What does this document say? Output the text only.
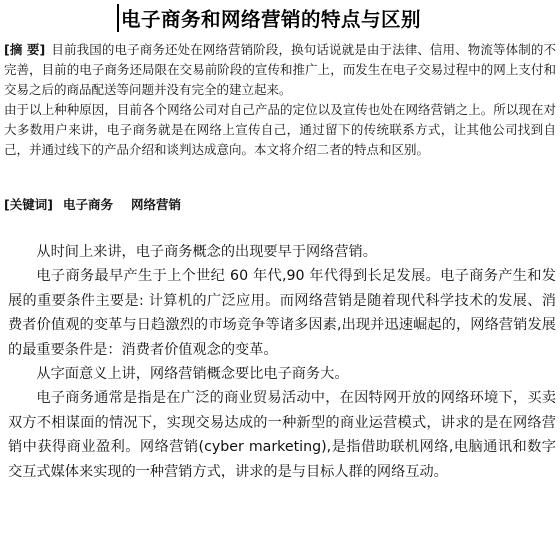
电子商务和网络营销的特点与区别
[摘 要] 目前我国的电子商务还处在网络营销阶段，换句话说就是由于法律、信用、物流等体制的不完善，目前的电子商务还局限在交易前阶段的宣传和推广上，而发生在电子交易过程中的网上支付和交易之后的商品配送等问题并没有完全的建立起来。
由于以上种种原因，目前各个网络公司对自己产品的定位以及宣传也处在网络营销之上。所以现在对大多数用户来讲，电子商务就是在网络上宣传自己，通过留下的传统联系方式，让其他公司找到自己，并通过线下的产品介绍和谈判达成意向。本文将介绍二者的特点和区别。
[关键词] 电子商务 网络营销

从时间上来讲，电子商务概念的出现要早于网络营销。

电子商务最早产生于上个世纪 60 年代,90 年代得到长足发展。电子商务产生和发展的重要条件主要是: 计算机的广泛应用。而网络营销是随着现代科学技术的发展、消费者价值观的变革与日趋激烈的市场竞争等诸多因素,出现并迅速崛起的，网络营销发展的最重要条件是：消费者价值观念的变革。

从字面意义上讲，网络营销概念要比电子商务大。

电子商务通常是指是在广泛的商业贸易活动中，在因特网开放的网络环境下，买卖双方不相谋面的情况下，实现交易达成的一种新型的商业运营模式，讲求的是在网络营销中获得商业盈利。网络营销(cyber marketing),是指借助联机网络,电脑通讯和数字交互式媒体来实现的一种营销方式，讲求的是与目标人群的网络互动。
